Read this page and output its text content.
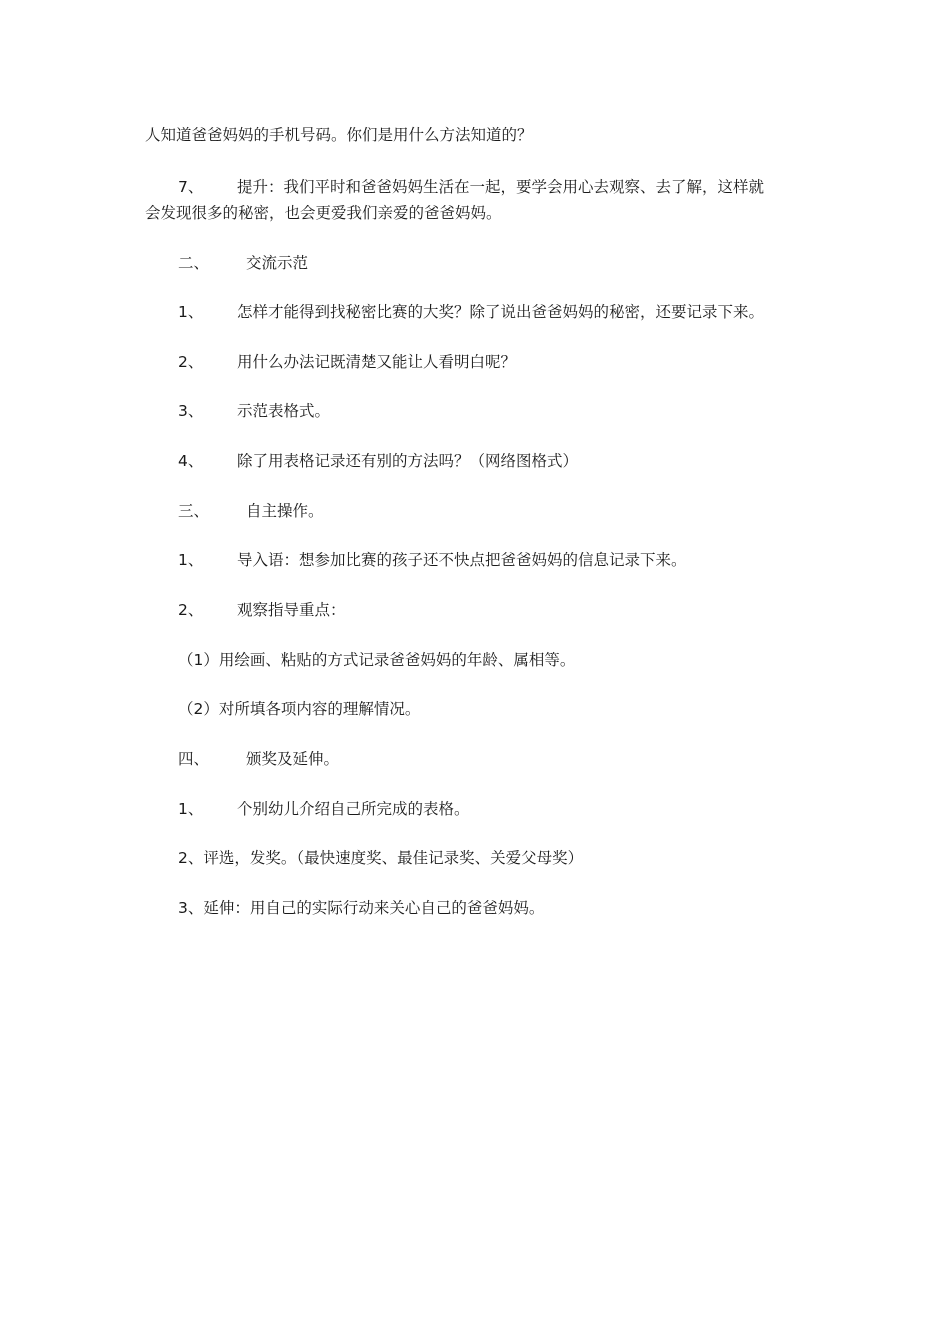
人知道爸爸妈妈的手机号码。你们是用什么方法知道的？
7、 提升：我们平时和爸爸妈妈生活在一起，要学会用心去观察、去了解，这样就
会发现很多的秘密，也会更爱我们亲爱的爸爸妈妈。
二、 交流示范
1、 怎样才能得到找秘密比赛的大奖？除了说出爸爸妈妈的秘密，还要记录下来。
2、 用什么办法记既清楚又能让人看明白呢？
3、 示范表格式。
4、 除了用表格记录还有别的方法吗？（网络图格式）
三、 自主操作。
1、 导入语：想参加比赛的孩子还不快点把爸爸妈妈的信息记录下来。
2、 观察指导重点：
（1）用绘画、粘贴的方式记录爸爸妈妈的年龄、属相等。
（2）对所填各项内容的理解情况。
四、 颁奖及延伸。
1、 个别幼儿介绍自己所完成的表格。
2、评选，发奖。（最快速度奖、最佳记录奖、关爱父母奖）
3、延伸：用自己的实际行动来关心自己的爸爸妈妈。
